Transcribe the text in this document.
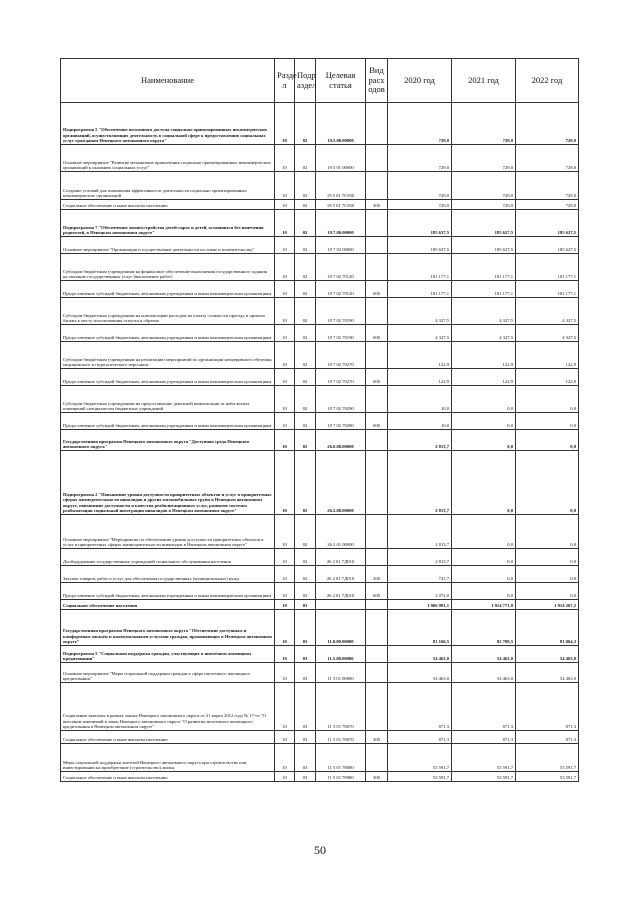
Наименование	Разде л	Подр аздел	Целевая статья	Вид расх одов	2020 год	2021 год	2022 год
Подпрограмма 5 "Обеспечение поэтапного доступа социально ориентированных некоммерческих организаций, осуществляющих деятельность в социальной сфере к предоставлению социальных услуг гражданам Ненецкого автономного округа"	10	02	19.5.00.00000		729,0	729,0	729,0
Основное мероприятие "Развитие механизмов привлечения социально ориентированных некоммерческих организаций к оказанию социальных услуг"	10	02	19 5 01 00000		729,0	729,0	729,0
Создание условий для повышения эффективности деятельности социально ориентированных некоммерческих организаций	10	02	19 5 01 7С950		729,0	729,0	729,0
Социальное обеспечение и иные выплаты населению	10	02	19 5 01 7С950	300	729,0	729,0	729,0
Подпрограмма 7 "Обеспечение жизнеустройства детей-сирот и детей, оставшихся без попечения родителей, в Ненецком автономном округе"	10	02	19.7.00.00000		185 637,5	185 627,5	185 627,5
Основное мероприятие "Организация и осуществление деятельности по опеке и попечительству"	10	02	19 7 02 00000		185 637,5	185 627,5	185 627,5
Субсидии бюджетным учреждениям на финансовое обеспечение выполнения государственного задания на оказание государственных услуг (выполнение работ)	10	02	19 7 02 70120		181 177,1	181 177,1	181 177,1
Предоставление субсидий бюджетным, автономным учреждениям и иным некоммерческим организациям	10	02	19 7 02 70120	600	181 177,1	181 177,1	181 177,1
Субсидии бюджетным учреждениям на компенсацию расходов на оплату стоимости проезда и провоза багажа к месту использования отпуска и обратно	10	02	19 7 02 70190		4 327,5	4 327,5	4 327,5
Предоставление субсидий бюджетным, автономным учреждениям и иным некоммерческим организациям	10	02	19 7 02 70190	600	4 327,5	4 327,5	4 327,5
Субсидии бюджетным учреждениям на реализацию мероприятий по организации непрерывного обучения медицинского и педагогического персонала	10	02	19 7 02 70270		122,9	122,9	122,9
Предоставление субсидий бюджетным, автономным учреждениям и иным некоммерческим организациям	10	02	19 7 02 70270	600	122,9	122,9	122,9
Субсидии бюджетным учреждениям на предоставление денежной компенсации за наём жилых помещений специалистам бюджетных учреждений	10	02	19 7 02 70290		10,0	0,0	0,0
Предоставление субсидий бюджетным, автономным учреждениям и иным некоммерческим организациям	10	02	19 7 02 70290	600	10,0	0,0	0,0
Государственная программа Ненецкого автономного округа "Доступная среда Ненецкого автономного округа"	10	02	26.0.00.00000		2 813,7	0,0	0,0
Подпрограмма 2 "Повышение уровня доступности приоритетных объектов и услуг в приоритетных сферах жизнедеятельности инвалидов и других маломобильных групп в Ненецком автономном округе, повышение доступности и качества реабилитационных услуг, развитие системы реабилитации социальной интеграции инвалидов в Ненецком автономном округе"	10	02	26.2.00.00000		2 813,7	0,0	0,0
Основное мероприятие "Мероприятия по обеспечению уровня доступности приоритетных объектов и услуг в приоритетных сферах жизнедеятельности инвалидов в Ненецком автономном округе"	10	02	26 2 01 00000		2 813,7	0,0	0,0
Дооборудование государственных учреждений социального обслуживания населения	10	02	26 2 01 7Д010		2 813,7	0,0	0,0
Закупка товаров, работ и услуг для обеспечения государственных (муниципальных) нужд	10	02	26 2 01 7Д010	200	741,7	0,0	0,0
Предоставление субсидий бюджетным, автономным учреждениям и иным некоммерческим организациям	10	02	26 2 01 7Д010	600	2 072,0	0,0	0,0
Социальное обеспечение населения	10	03			1 906 991,1	1 914 771,8	1 914 267,2
Государственная программа Ненецкого автономного округа "Обеспечение доступным и комфортным жильём и коммунальными услугами граждан, проживающих в Ненецком автономном округе"	10	03	11.0.00.00000		81 166,5	82 709,5	81 064,3
Подпрограмма 5 "Социальная поддержка граждан, участвующих в ипотечном жилищном кредитовании"	10	03	11.5.00.00000		54 463,0	54 463,0	54 463,0
Основное мероприятие "Меры социальной поддержки граждан в сфере ипотечного жилищного кредитования"	10	03	11 5 01 00000		54 463,0	54 463,0	54 463,0
Социальные выплаты в рамках закона Ненецкого автономного округа от 21 марта 2012 года № 17-оз "О внесении изменений в закон Ненецкого автономного округа "О развитии ипотечного жилищного кредитования в Ненецком автономном округе"	10	03	11 5 01 78070		871,3	871,3	871,3
Социальное обеспечение и иные выплаты населению	10	03	11 5 01 78070	300	871,3	871,3	871,3
Меры социальной поддержки жителей Ненецкого автономного округа при строительстве или инвестировании на приобретение (строительство) жилья	10	03	11 5 01 78080		53 591,7	53 591,7	53 591,7
Социальное обеспечение и иные выплаты населению	10	03	11 5 01 78080	300	53 591,7	53 591,7	53 591,7
50
